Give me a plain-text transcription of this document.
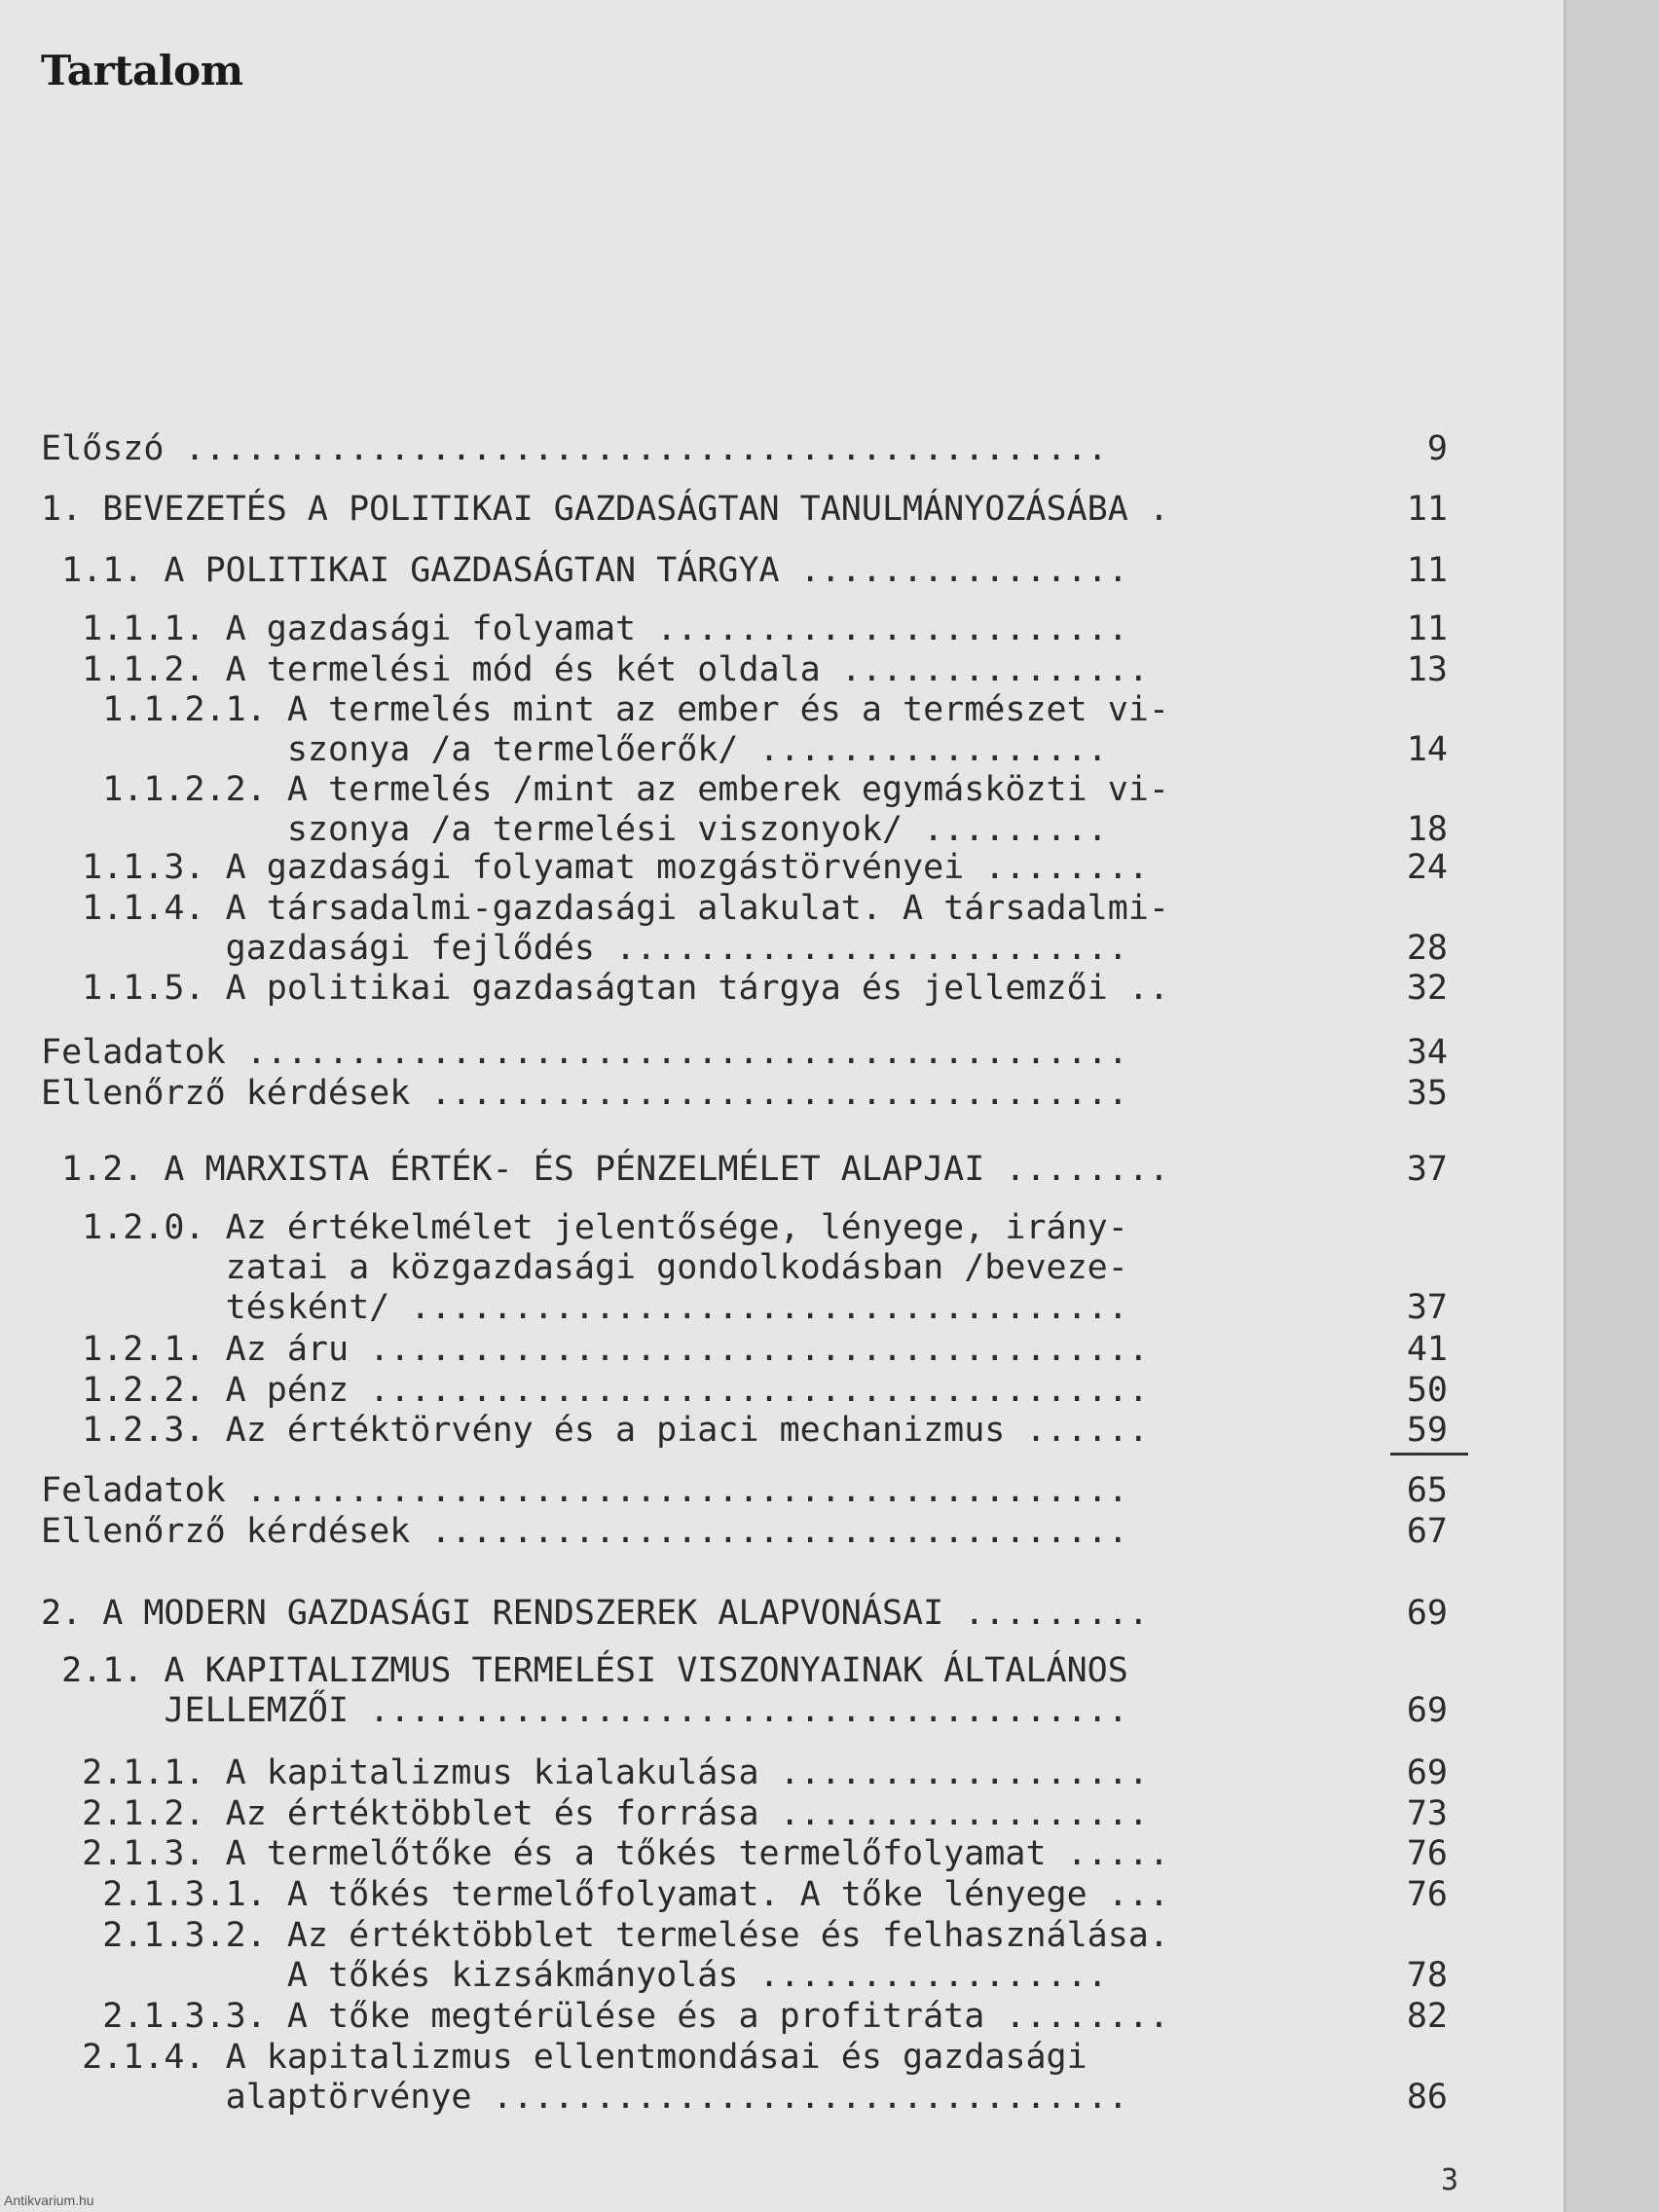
Tartalom
Előszó .............................................	9
1. BEVEZETÉS A POLITIKAI GAZDASÁGTAN TANULMÁNYOZÁSÁBA .	11
1.1. A POLITIKAI GAZDASÁGTAN TÁRGYA ................	11
1.1.1. A gazdasági folyamat .......................	11
1.1.2. A termelési mód és két oldala ...............	13
1.1.2.1. A termelés mint az ember és a természet vi-
szonya /a termelőerők/ .................	14
1.1.2.2. A termelés /mint az emberek egymásközti vi-
szonya /a termelési viszonyok/ .........	18
1.1.3. A gazdasági folyamat mozgástörvényei ........	24
1.1.4. A társadalmi-gazdasági alakulat. A társadalmi-
gazdasági fejlődés .........................	28
1.1.5. A politikai gazdaságtan tárgya és jellemzői ..	32
Feladatok ...........................................	34
Ellenőrző kérdések ..................................	35
1.2. A MARXISTA ÉRTÉK- ÉS PÉNZELMÉLET ALAPJAI ........	37
1.2.0. Az értékelmélet jelentősége, lényege, irány-
zatai a közgazdasági gondolkodásban /beveze-
tésként/ ...................................	37
1.2.1. Az áru ......................................	41
1.2.2. A pénz ......................................	50
1.2.3. Az értéktörvény és a piaci mechanizmus ......	59
Feladatok ...........................................	65
Ellenőrző kérdések ..................................	67
2. A MODERN GAZDASÁGI RENDSZEREK ALAPVONÁSAI .........	69
2.1. A KAPITALIZMUS TERMELÉSI VISZONYAINAK ÁLTALÁNOS
JELLEMZŐI .....................................	69
2.1.1. A kapitalizmus kialakulása ..................	69
2.1.2. Az értéktöbblet és forrása ..................	73
2.1.3. A termelőtőke és a tőkés termelőfolyamat .....	76
2.1.3.1. A tőkés termelőfolyamat. A tőke lényege ...	76
2.1.3.2. Az értéktöbblet termelése és felhasználása.
A tőkés kizsákmányolás .................	78
2.1.3.3. A tőke megtérülése és a profitráta ........	82
2.1.4. A kapitalizmus ellentmondásai és gazdasági
alaptörvénye ...............................	86
3
Antikvarium.hu
